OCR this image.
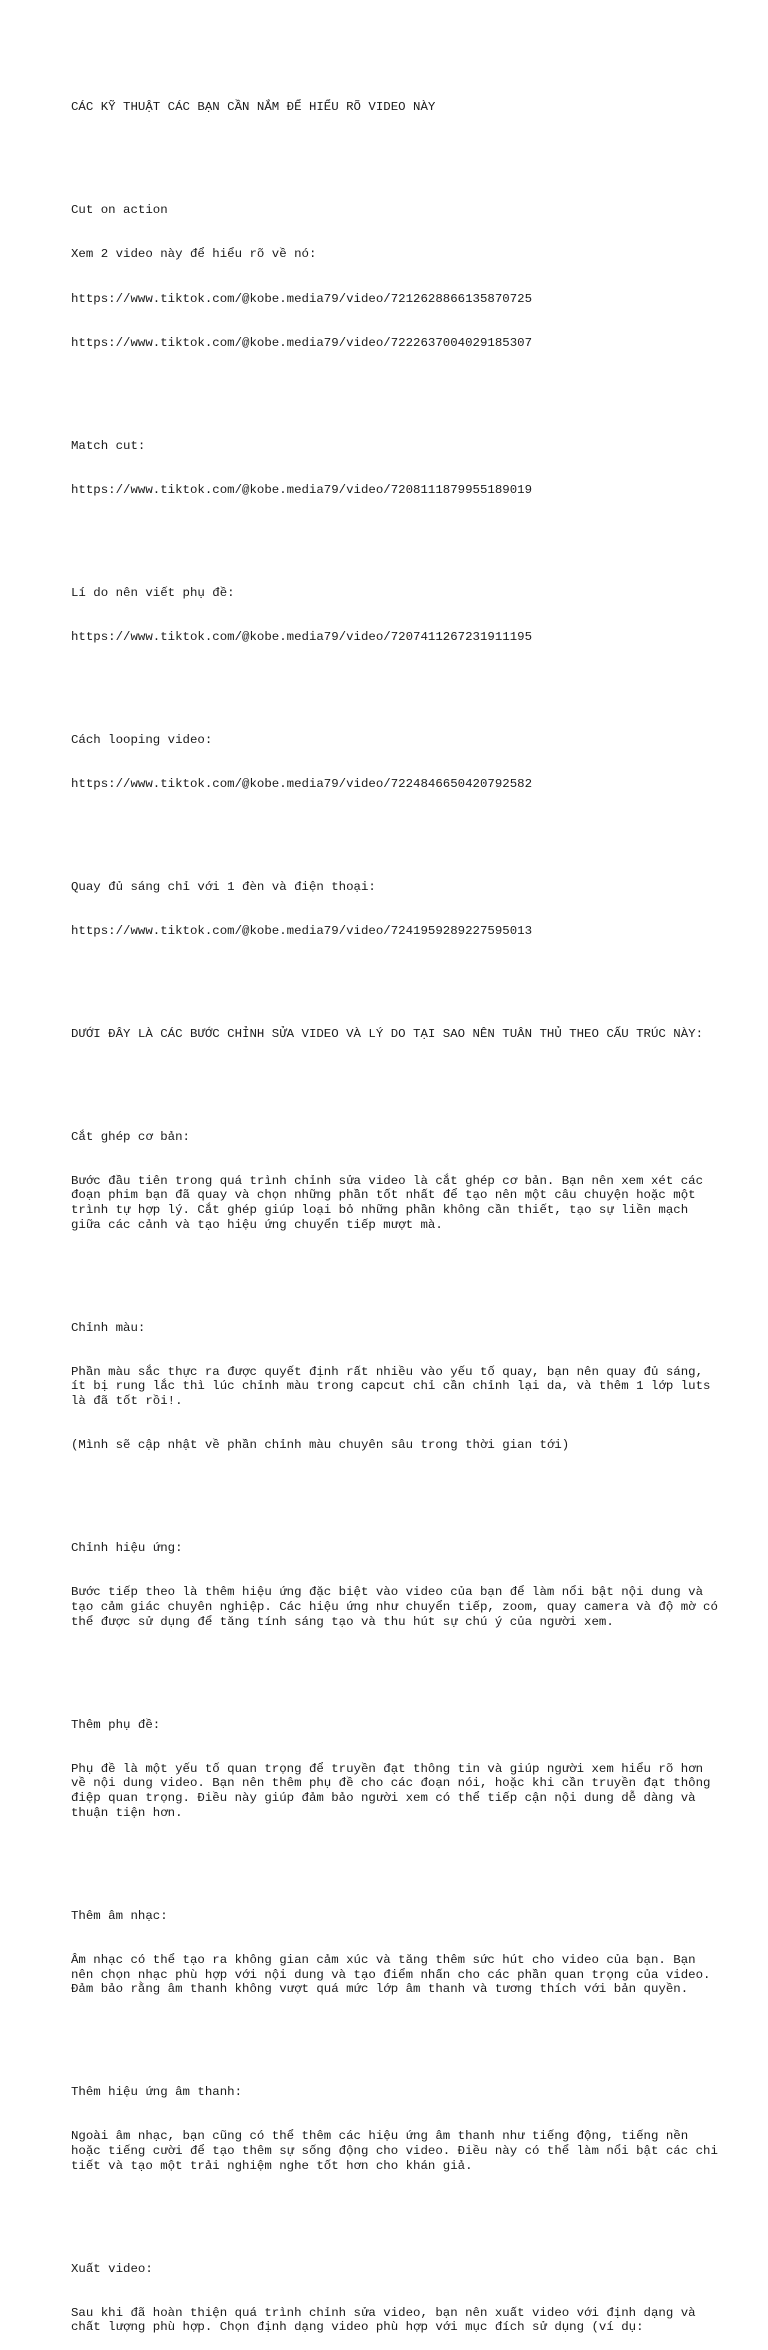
CÁC KỸ THUẬT CÁC BẠN CẦN NẮM ĐỂ HIỂU RÕ VIDEO NÀY

Cut on action

Xem 2 video này để hiểu rõ về nó:

https://www.tiktok.com/@kobe.media79/video/7212628866135870725

https://www.tiktok.com/@kobe.media79/video/7222637004029185307

Match cut:

https://www.tiktok.com/@kobe.media79/video/7208111879955189019

Lí do nên viết phụ đề:

https://www.tiktok.com/@kobe.media79/video/7207411267231911195

Cách looping video:

https://www.tiktok.com/@kobe.media79/video/7224846650420792582

Quay đủ sáng chỉ với 1 đèn và điện thoại:

https://www.tiktok.com/@kobe.media79/video/7241959289227595013

DƯỚI ĐÂY LÀ CÁC BƯỚC CHỈNH SỬA VIDEO VÀ LÝ DO TẠI SAO NÊN TUÂN THỦ THEO CẤU TRÚC NÀY:

Cắt ghép cơ bản:

Bước đầu tiên trong quá trình chỉnh sửa video là cắt ghép cơ bản. Bạn nên xem xét các đoạn phim bạn đã quay và chọn những phần tốt nhất để tạo nên một câu chuyện hoặc một trình tự hợp lý. Cắt ghép giúp loại bỏ những phần không cần thiết, tạo sự liền mạch giữa các cảnh và tạo hiệu ứng chuyển tiếp mượt mà.

Chỉnh màu:

Phần màu sắc thực ra được quyết định rất nhiều vào yếu tố quay, bạn nên quay đủ sáng, ít bị rung lắc thì lúc chỉnh màu trong capcut chỉ cần chỉnh lại da, và thêm 1 lớp luts là đã tốt rồi!.

(Mình sẽ cập nhật về phần chỉnh màu chuyên sâu trong thời gian tới)

Chỉnh hiệu ứng:

Bước tiếp theo là thêm hiệu ứng đặc biệt vào video của bạn để làm nổi bật nội dung và tạo cảm giác chuyên nghiệp. Các hiệu ứng như chuyển tiếp, zoom, quay camera và độ mờ có thể được sử dụng để tăng tính sáng tạo và thu hút sự chú ý của người xem.

Thêm phụ đề:

Phụ đề là một yếu tố quan trọng để truyền đạt thông tin và giúp người xem hiểu rõ hơn về nội dung video. Bạn nên thêm phụ đề cho các đoạn nói, hoặc khi cần truyền đạt thông điệp quan trọng. Điều này giúp đảm bảo người xem có thể tiếp cận nội dung dễ dàng và thuận tiện hơn.

Thêm âm nhạc:

Âm nhạc có thể tạo ra không gian cảm xúc và tăng thêm sức hút cho video của bạn. Bạn nên chọn nhạc phù hợp với nội dung và tạo điểm nhấn cho các phần quan trọng của video. Đảm bảo rằng âm thanh không vượt quá mức lớp âm thanh và tương thích với bản quyền.

Thêm hiệu ứng âm thanh:

Ngoài âm nhạc, bạn cũng có thể thêm các hiệu ứng âm thanh như tiếng động, tiếng nền hoặc tiếng cười để tạo thêm sự sống động cho video. Điều này có thể làm nổi bật các chi tiết và tạo một trải nghiệm nghe tốt hơn cho khán giả.

Xuất video:

Sau khi đã hoàn thiện quá trình chỉnh sửa video, bạn nên xuất video với định dạng và chất lượng phù hợp. Chọn định dạng video phù hợp với mục đích sử dụng (ví dụ:
